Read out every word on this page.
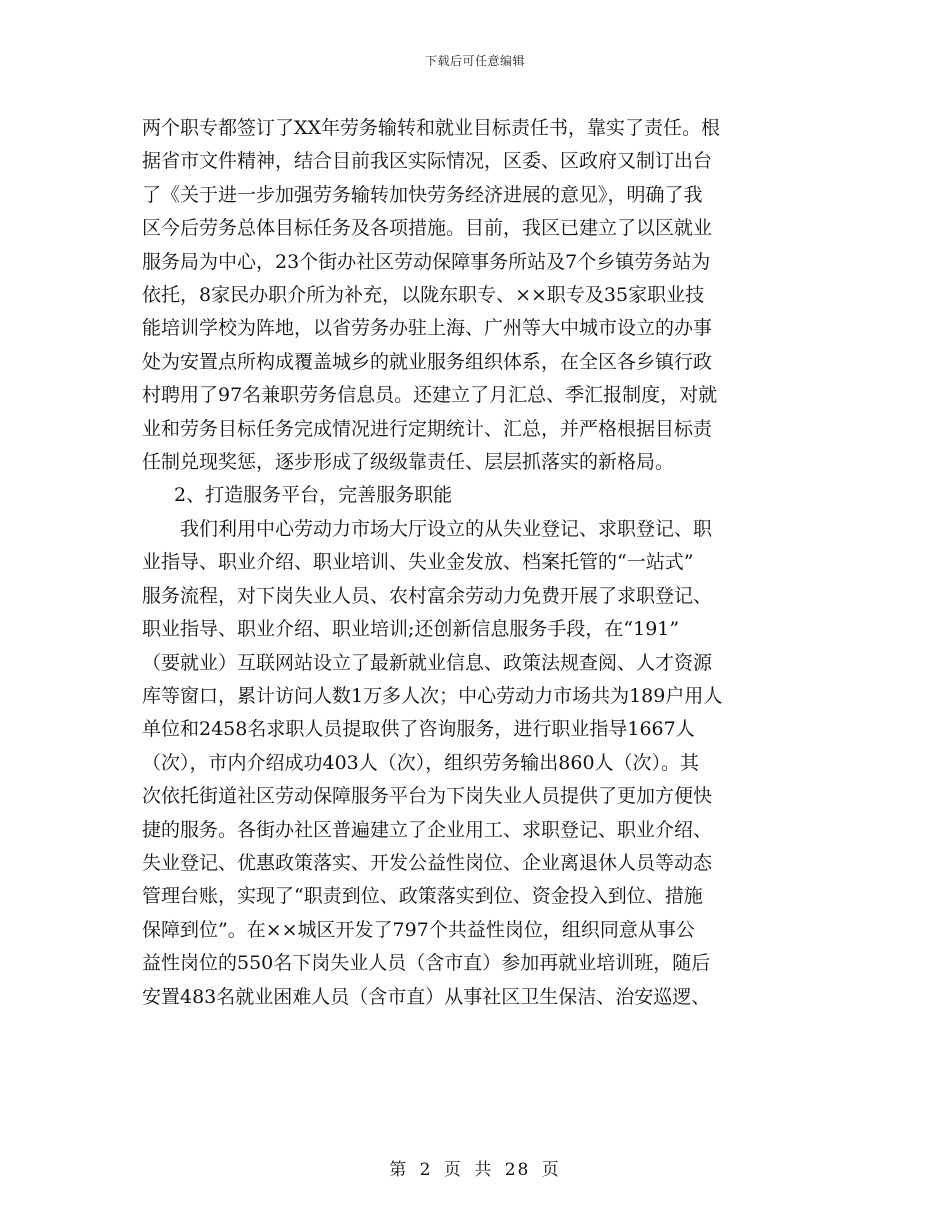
下载后可任意编辑
两个职专都签订了XX年劳务输转和就业目标责任书，靠实了责任。根
据省市文件精神，结合目前我区实际情况，区委、区政府又制订出台
了《关于进一步加强劳务输转加快劳务经济进展的意见》，明确了我
区今后劳务总体目标任务及各项措施。目前，我区已建立了以区就业
服务局为中心，23个街办社区劳动保障事务所站及7个乡镇劳务站为
依托，8家民办职介所为补充，以陇东职专、××职专及35家职业技
能培训学校为阵地，以省劳务办驻上海、广州等大中城市设立的办事
处为安置点所构成覆盖城乡的就业服务组织体系，在全区各乡镇行政
村聘用了97名兼职劳务信息员。还建立了月汇总、季汇报制度，对就
业和劳务目标任务完成情况进行定期统计、汇总，并严格根据目标责
任制兑现奖惩，逐步形成了级级靠责任、层层抓落实的新格局。
2、打造服务平台，完善服务职能
我们利用中心劳动力市场大厅设立的从失业登记、求职登记、职
业指导、职业介绍、职业培训、失业金发放、档案托管的“一站式”
服务流程，对下岗失业人员、农村富余劳动力免费开展了求职登记、
职业指导、职业介绍、职业培训;还创新信息服务手段，在“191”
（要就业）互联网站设立了最新就业信息、政策法规查阅、人才资源
库等窗口，累计访问人数1万多人次；中心劳动力市场共为189户用人
单位和2458名求职人员提取供了咨询服务，进行职业指导1667人
（次），市内介绍成功403人（次），组织劳务输出860人（次）。其
次依托街道社区劳动保障服务平台为下岗失业人员提供了更加方便快
捷的服务。各街办社区普遍建立了企业用工、求职登记、职业介绍、
失业登记、优惠政策落实、开发公益性岗位、企业离退休人员等动态
管理台账，实现了“职责到位、政策落实到位、资金投入到位、措施
保障到位”。在××城区开发了797个共益性岗位，组织同意从事公
益性岗位的550名下岗失业人员（含市直）参加再就业培训班，随后
安置483名就业困难人员（含市直）从事社区卫生保洁、治安巡逻、
第 2 页 共 28 页
